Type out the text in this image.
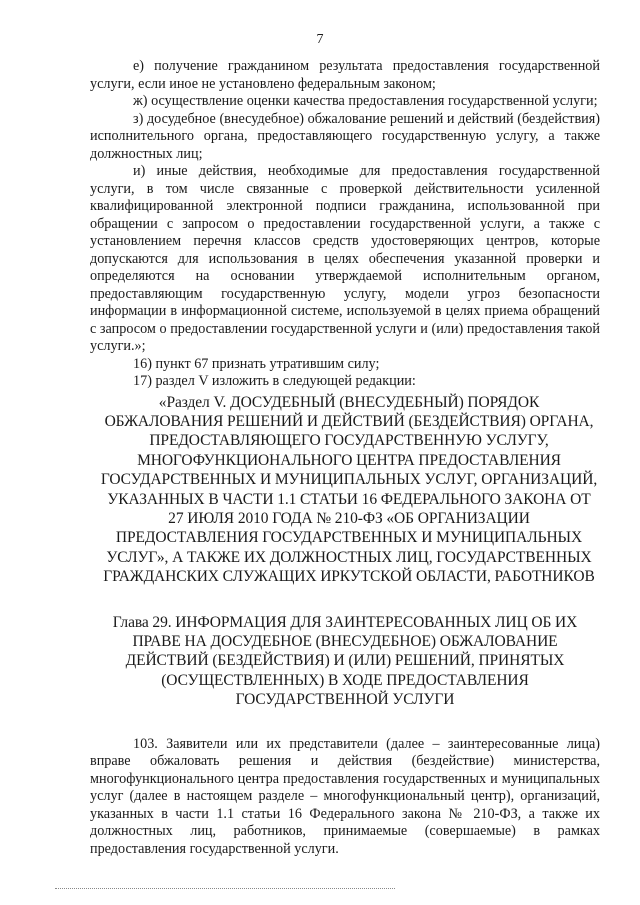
7

е) получение гражданином результата предоставления государственной услуги, если иное не установлено федеральным законом;

ж) осуществление оценки качества предоставления государственной услуги;

з) досудебное (внесудебное) обжалование решений и действий (бездействия) исполнительного органа, предоставляющего государственную услугу, а также должностных лиц;

и) иные действия, необходимые для предоставления государственной услуги, в том числе связанные с проверкой действительности усиленной квалифицированной электронной подписи гражданина, использованной при обращении с запросом о предоставлении государственной услуги, а также с установлением перечня классов средств удостоверяющих центров, которые допускаются для использования в целях обеспечения указанной проверки и определяются на основании утверждаемой исполнительным органом, предоставляющим государственную услугу, модели угроз безопасности информации в информационной системе, используемой в целях приема обращений с запросом о предоставлении государственной услуги и (или) предоставления такой услуги.»;

16) пункт 67 признать утратившим силу;

17) раздел V изложить в следующей редакции:

«Раздел V. ДОСУДЕБНЫЙ (ВНЕСУДЕБНЫЙ) ПОРЯДОК ОБЖАЛОВАНИЯ РЕШЕНИЙ И ДЕЙСТВИЙ (БЕЗДЕЙСТВИЯ) ОРГАНА, ПРЕДОСТАВЛЯЮЩЕГО ГОСУДАРСТВЕННУЮ УСЛУГУ, МНОГОФУНКЦИОНАЛЬНОГО ЦЕНТРА ПРЕДОСТАВЛЕНИЯ ГОСУДАРСТВЕННЫХ И МУНИЦИПАЛЬНЫХ УСЛУГ, ОРГАНИЗАЦИЙ, УКАЗАННЫХ В ЧАСТИ 1.1 СТАТЬИ 16 ФЕДЕРАЛЬНОГО ЗАКОНА ОТ 27 ИЮЛЯ 2010 ГОДА № 210-ФЗ «ОБ ОРГАНИЗАЦИИ ПРЕДОСТАВЛЕНИЯ ГОСУДАРСТВЕННЫХ И МУНИЦИПАЛЬНЫХ УСЛУГ», А ТАКЖЕ ИХ ДОЛЖНОСТНЫХ ЛИЦ, ГОСУДАРСТВЕННЫХ ГРАЖДАНСКИХ СЛУЖАЩИХ ИРКУТСКОЙ ОБЛАСТИ, РАБОТНИКОВ

Глава 29. ИНФОРМАЦИЯ ДЛЯ ЗАИНТЕРЕСОВАННЫХ ЛИЦ ОБ ИХ ПРАВЕ НА ДОСУДЕБНОЕ (ВНЕСУДЕБНОЕ) ОБЖАЛОВАНИЕ ДЕЙСТВИЙ (БЕЗДЕЙСТВИЯ) И (ИЛИ) РЕШЕНИЙ, ПРИНЯТЫХ (ОСУЩЕСТВЛЕННЫХ) В ХОДЕ ПРЕДОСТАВЛЕНИЯ ГОСУДАРСТВЕННОЙ УСЛУГИ

103. Заявители или их представители (далее – заинтересованные лица) вправе обжаловать решения и действия (бездействие) министерства, многофункционального центра предоставления государственных и муниципальных услуг (далее в настоящем разделе – многофункциональный центр), организаций, указанных в части 1.1 статьи 16 Федерального закона № 210-ФЗ, а также их должностных лиц, работников, принимаемые (совершаемые) в рамках предоставления государственной услуги.
